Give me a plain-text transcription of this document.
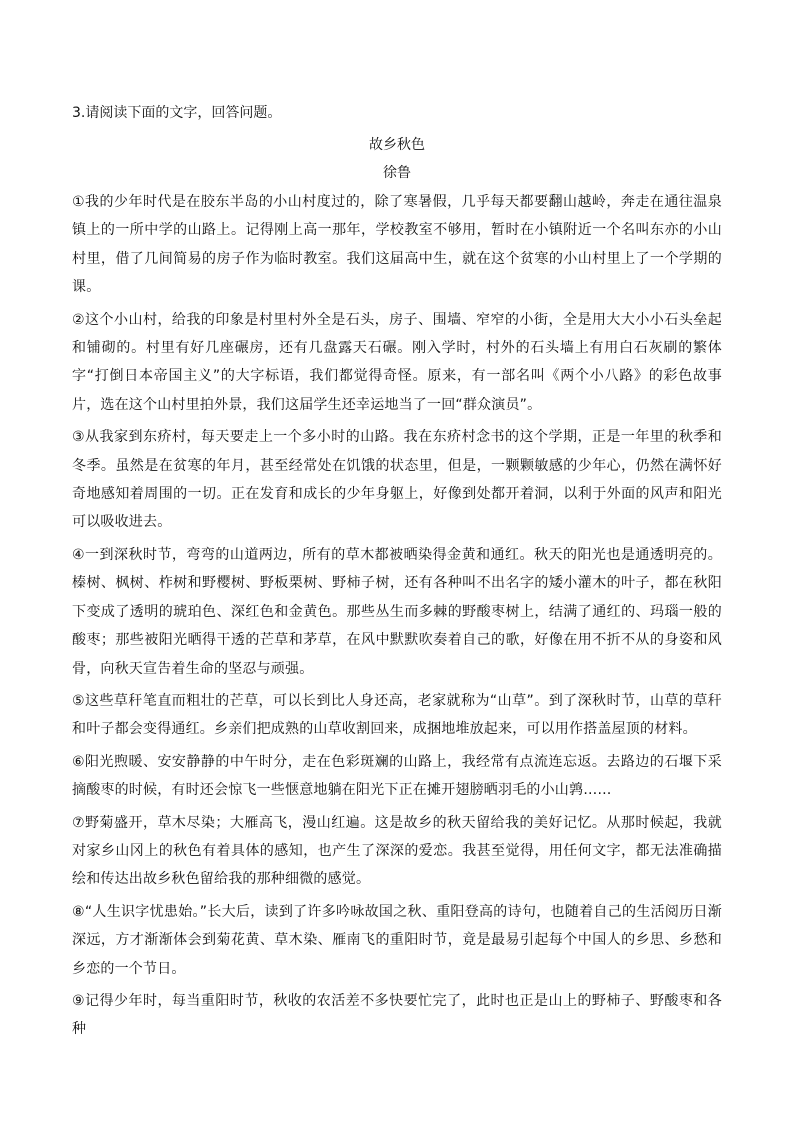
3.请阅读下面的文字，回答问题。

故乡秋色

徐鲁

①我的少年时代是在胶东半岛的小山村度过的，除了寒暑假，几乎每天都要翻山越岭，奔走在通往温泉镇上的一所中学的山路上。记得刚上高一那年，学校教室不够用，暂时在小镇附近一个名叫东亦的小山村里，借了几间简易的房子作为临时教室。我们这届高中生，就在这个贫寒的小山村里上了一个学期的课。

②这个小山村，给我的印象是村里村外全是石头，房子、围墙、窄窄的小街，全是用大大小小石头垒起和铺砌的。村里有好几座碾房，还有几盘露天石碾。刚入学时，村外的石头墙上有用白石灰刷的繁体字“打倒日本帝国主义”的大字标语，我们都觉得奇怪。原来，有一部名叫《两个小八路》的彩色故事片，选在这个山村里拍外景，我们这届学生还幸运地当了一回“群众演员”。

③从我家到东疥村，每天要走上一个多小时的山路。我在东疥村念书的这个学期，正是一年里的秋季和冬季。虽然是在贫寒的年月，甚至经常处在饥饿的状态里，但是，一颗颗敏感的少年心，仍然在满怀好奇地感知着周围的一切。正在发育和成长的少年身躯上，好像到处都开着洞，以利于外面的风声和阳光可以吸收进去。

④一到深秋时节，弯弯的山道两边，所有的草木都被晒染得金黄和通红。秋天的阳光也是通透明亮的。榛树、枫树、柞树和野樱树、野板栗树、野柿子树，还有各种叫不出名字的矮小灌木的叶子，都在秋阳下变成了透明的琥珀色、深红色和金黄色。那些丛生而多棘的野酸枣树上，结满了通红的、玛瑙一般的酸枣；那些被阳光晒得干透的芒草和茅草，在风中默默吹奏着自己的歌，好像在用不折不从的身姿和风骨，向秋天宣告着生命的坚忍与顽强。

⑤这些草秆笔直而粗壮的芒草，可以长到比人身还高，老家就称为“山草”。到了深秋时节，山草的草秆和叶子都会变得通红。乡亲们把成熟的山草收割回来，成捆地堆放起来，可以用作搭盖屋顶的材料。

⑥阳光煦暖、安安静静的中午时分，走在色彩斑斓的山路上，我经常有点流连忘返。去路边的石堰下采摘酸枣的时候，有时还会惊飞一些惬意地躺在阳光下正在摊开翅膀晒羽毛的小山鹑……

⑦野菊盛开，草木尽染；大雁高飞，漫山红遍。这是故乡的秋天留给我的美好记忆。从那时候起，我就对家乡山冈上的秋色有着具体的感知，也产生了深深的爱恋。我甚至觉得，用任何文字，都无法准确描绘和传达出故乡秋色留给我的那种细微的感觉。

⑧“人生识字忧患始。”长大后，读到了许多吟咏故国之秋、重阳登高的诗句，也随着自己的生活阅历日渐深远，方才渐渐体会到菊花黄、草木染、雁南飞的重阳时节，竟是最易引起每个中国人的乡思、乡愁和乡恋的一个节日。

⑨记得少年时，每当重阳时节，秋收的农活差不多快要忙完了，此时也正是山上的野柿子、野酸枣和各种
